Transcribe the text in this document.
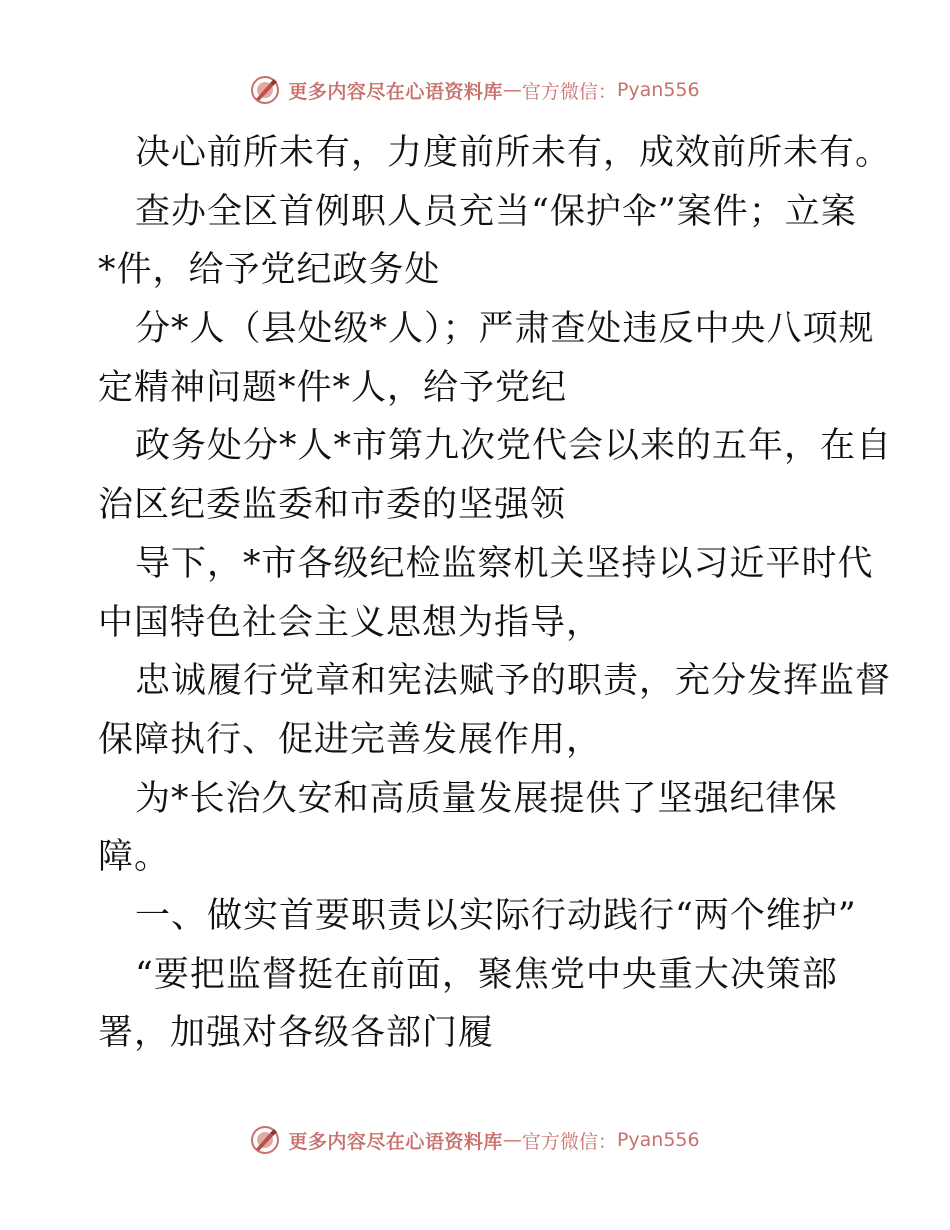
更多内容尽在心语资料库 — 官方微信： Pyan556
决心前所未有，力度前所未有，成效前所未有。
查办全区首例职人员充当“保护伞”案件；立案
*件，给予党纪政务处
分*人（县处级*人）；严肃查处违反中央八项规
定精神问题*件*人，给予党纪
政务处分*人*市第九次党代会以来的五年，在自
治区纪委监委和市委的坚强领
导下，*市各级纪检监察机关坚持以习近平时代
中国特色社会主义思想为指导，
忠诚履行党章和宪法赋予的职责，充分发挥监督
保障执行、促进完善发展作用，
为*长治久安和高质量发展提供了坚强纪律保
障。
一、做实首要职责以实际行动践行“两个维护”
“要把监督挺在前面，聚焦党中央重大决策部
署，加强对各级各部门履
更多内容尽在心语资料库 — 官方微信： Pyan556
